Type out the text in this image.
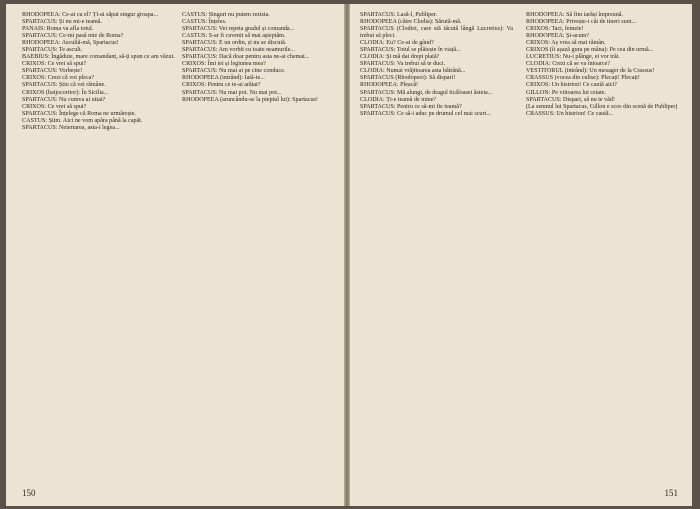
RHODOPEEA: Ce-ai cu el? Ți-ai săpat singur groapa...

SPARTACUS: Și nu mi-e teamă.

PANAIS: Roma va afla totul.

SPARTACUS: Ce-mi pasă mie de Roma?

RHODOPEEA: Ascultă-mă, Spartacus!

SPARTACUS: Te ascult.

BAEBIUS: Îngăduie, mare comandant, să-ți spun ce am văzut.

CRIXOS: Ce vrei să spui?

SPARTACUS: Vorbește!

CRIXOS: Crezi că voi pleca?

SPARTACUS: Știu că vei rămâne.

CRIXOS (batjocoritor): În Sicilia...

SPARTACUS: Nu cumva ai uitat?

CRIXOS: Ce vrei să spui?

SPARTACUS: Înțelege că Roma ne urmărește.

CASTUS: Știm. Aici ne vom apăra până la capăt.

SPARTACUS: Neiertarea, asta-i legea...

CASTUS: Singuri nu putem rezista.

CASTUS: Înțeles.

SPARTACUS: Vei repeta gradul și comanda...

CASTUS: S-ar fi cuvenit să mai așteptăm.

SPARTACUS: E un ordin, și nu se discută.

SPARTACUS: Am vorbit cu toate neamurile...

SPARTACUS: Dacă doar pentru asta ne-ai chemat...

CRIXOS: Îmi iei și legiunea mea?

SPARTACUS: Nu mai ai pe cine conduce.

RHODOPEEA (intrând): Iată-te...

CRIXOS: Pentru ce te-ai arătat?

SPARTACUS: Nu mai pot. Nu mai pot...

RHODOPEEA (aruncându-se la pieptul lui): Spartacus!

150

SPARTACUS: Lasă-l, Publiper.

RHODOPEEA (către Clodia): Sărută-mă.

SPARTACUS (Clodiei, care stă tăcută lângă Lucretius): Va trebui să pleci.

CLODIA: Eu? Ce-ai de gând?

SPARTACUS: Totul se plătește în viață...

CLODIA: Și mă dai drept plată?

SPARTACUS: Va trebui să te duci.

CLODIA: Numai vrăjitoarea asta bătrână...

SPARTACUS (Rhodopeei): Să dispari!

RHODOPEEA: Pleacă!

SPARTACUS: Mă alungi, de dragul ticăloasei ăsteia...

CLODIA: Ți-e teamă de mine?

SPARTACUS: Pentru ce să-mi fie teamă?

SPARTACUS: Ce să-i aduc pe drumul cel mai scurt...

RHODOPEEA: Să fim iarăși împreună.

RHODOPEEA: Privește-i cât de tineri sunt...

CRIXOS: Taci, femeie!

RHODOPEEA: Și-acum?

CRIXOS: Aș vrea să mai rămân.

CRIXOS (îi așază gura pe mâna): Pe cea din urmă...

LUCRETIUS: Nu-i plânge, ei vor trăi.

CLODIA: Crezi că se va întoarce?

VESTITORUL (intrând): Un mesager de la Crassus!

CRASSUS (vocea din culise): Plecați! Plecați!

CRIXOS: Un histrion! Ce caută aici?

GILLON: Pe viitoarea lui cetate.

SPARTACUS: Dispari, să nu te văd!

(La semnul lui Spartacus, Gillon e scos din scenă de Publiper)

CRASSUS: Un histrion! Ce caută...

151
